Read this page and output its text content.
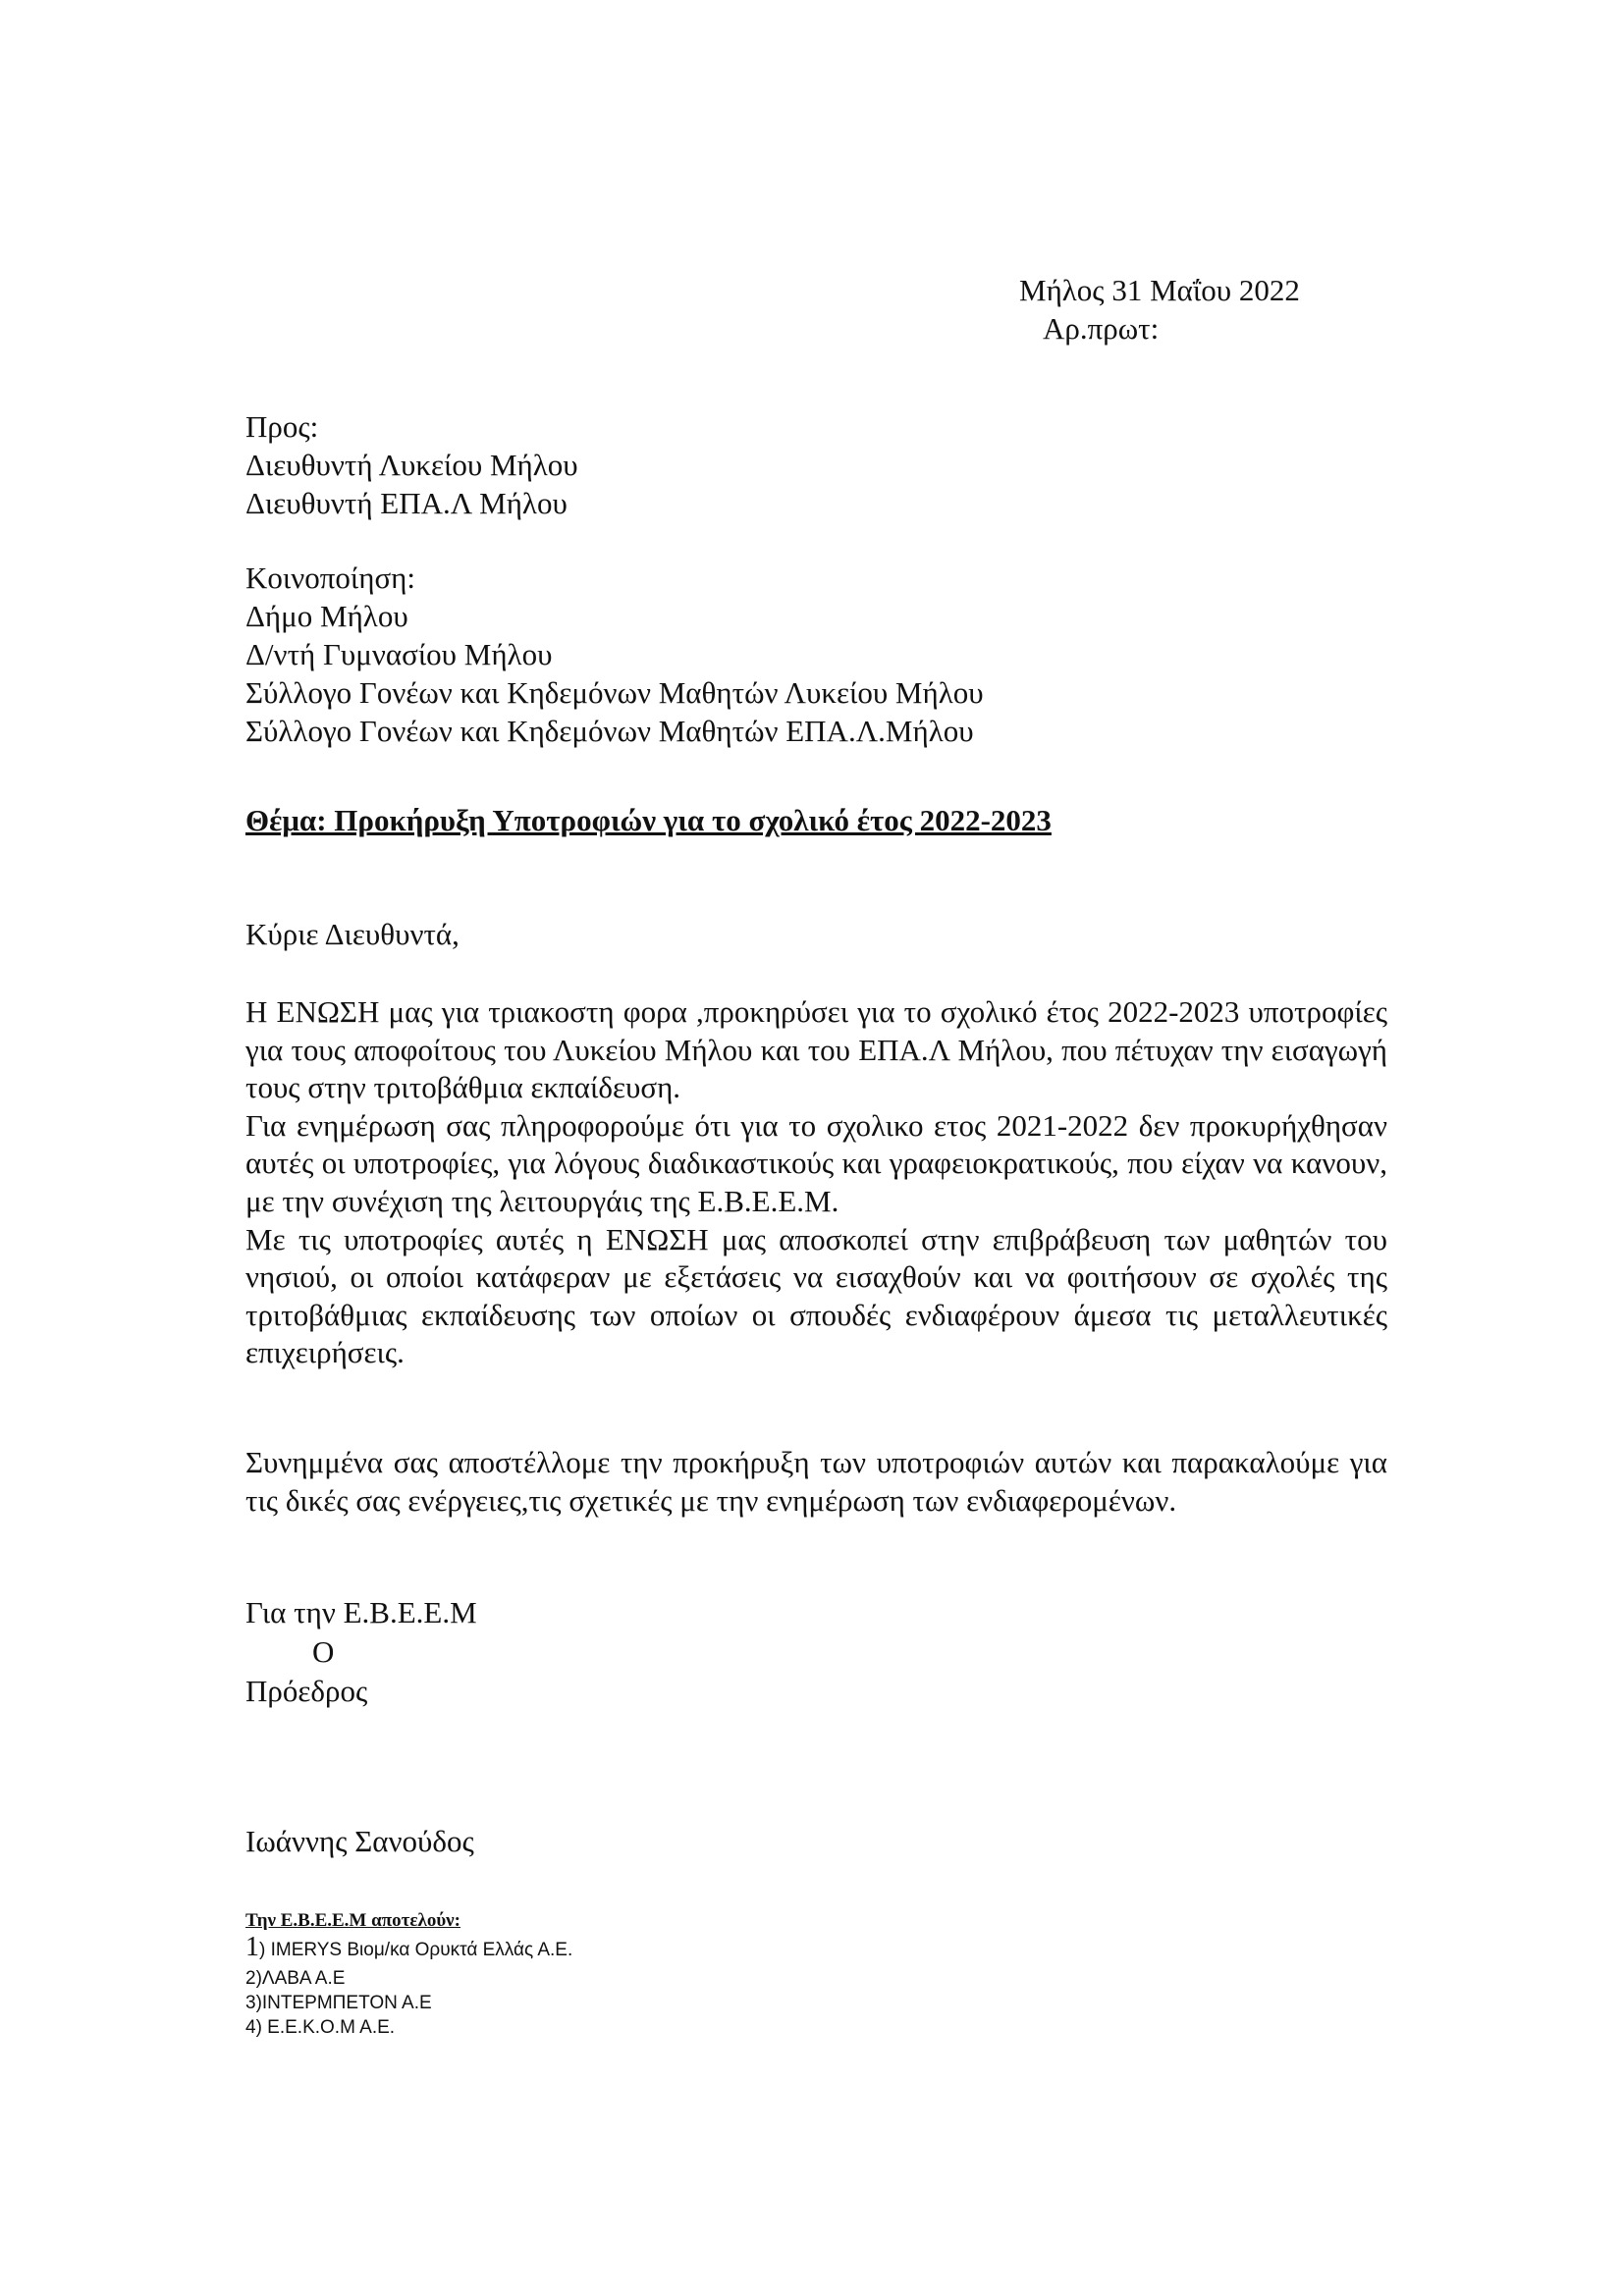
Μήλος 31 Μαΐου 2022
Αρ.πρωτ:
Προς:
Διευθυντή Λυκείου Μήλου
Διευθυντή ΕΠΑ.Λ Μήλου
Κοινοποίηση:
Δήμο Μήλου
Δ/ντή Γυμνασίου Μήλου
Σύλλογο Γονέων και Κηδεμόνων Μαθητών Λυκείου Μήλου
Σύλλογο Γονέων και Κηδεμόνων Μαθητών ΕΠΑ.Λ.Μήλου
Θέμα: Προκήρυξη Υποτροφιών για το σχολικό έτος 2022-2023
Κύριε Διευθυντά,

Η ΕΝΩΣΗ μας για τριακοστη φορα ,προκηρύσει για το σχολικό έτος 2022-2023 υποτροφίες για τους αποφοίτους του Λυκείου Μήλου και του ΕΠΑ.Λ Μήλου, που πέτυχαν την εισαγωγή τους στην τριτοβάθμια εκπαίδευση.

Για ενημέρωση σας πληροφορούμε ότι για το σχολικο ετος 2021-2022 δεν προκυρήχθησαν αυτές οι υποτροφίες, για λόγους διαδικαστικούς και γραφειοκρατικούς, που είχαν να κανουν, με την συνέχιση της λειτουργάις της Ε.Β.Ε.Ε.Μ.

Με τις υποτροφίες αυτές η ΕΝΩΣΗ μας αποσκοπεί στην επιβράβευση των μαθητών του νησιού, οι οποίοι κατάφεραν με εξετάσεις να εισαχθούν και να φοιτήσουν σε σχολές της τριτοβάθμιας εκπαίδευσης των οποίων οι σπουδές ενδιαφέρουν άμεσα τις μεταλλευτικές επιχειρήσεις.

Συνημμένα σας αποστέλλομε την προκήρυξη των υποτροφιών αυτών και παρακαλούμε για τις δικές σας ενέργειες,τις σχετικές με την ενημέρωση των ενδιαφερομένων.

Για την Ε.Β.Ε.Ε.Μ
Ο
Πρόεδρος
Ιωάννης Σανούδος
Την Ε.Β.Ε.Ε.Μ αποτελούν:
1) IMERYS Βιομ/κα Ορυκτά Ελλάς Α.Ε.
2)ΛΑΒΑ Α.Ε
3)ΙΝΤΕΡΜΠΕΤΟΝ Α.Ε
4) Ε.Ε.Κ.Ο.Μ Α.Ε.
